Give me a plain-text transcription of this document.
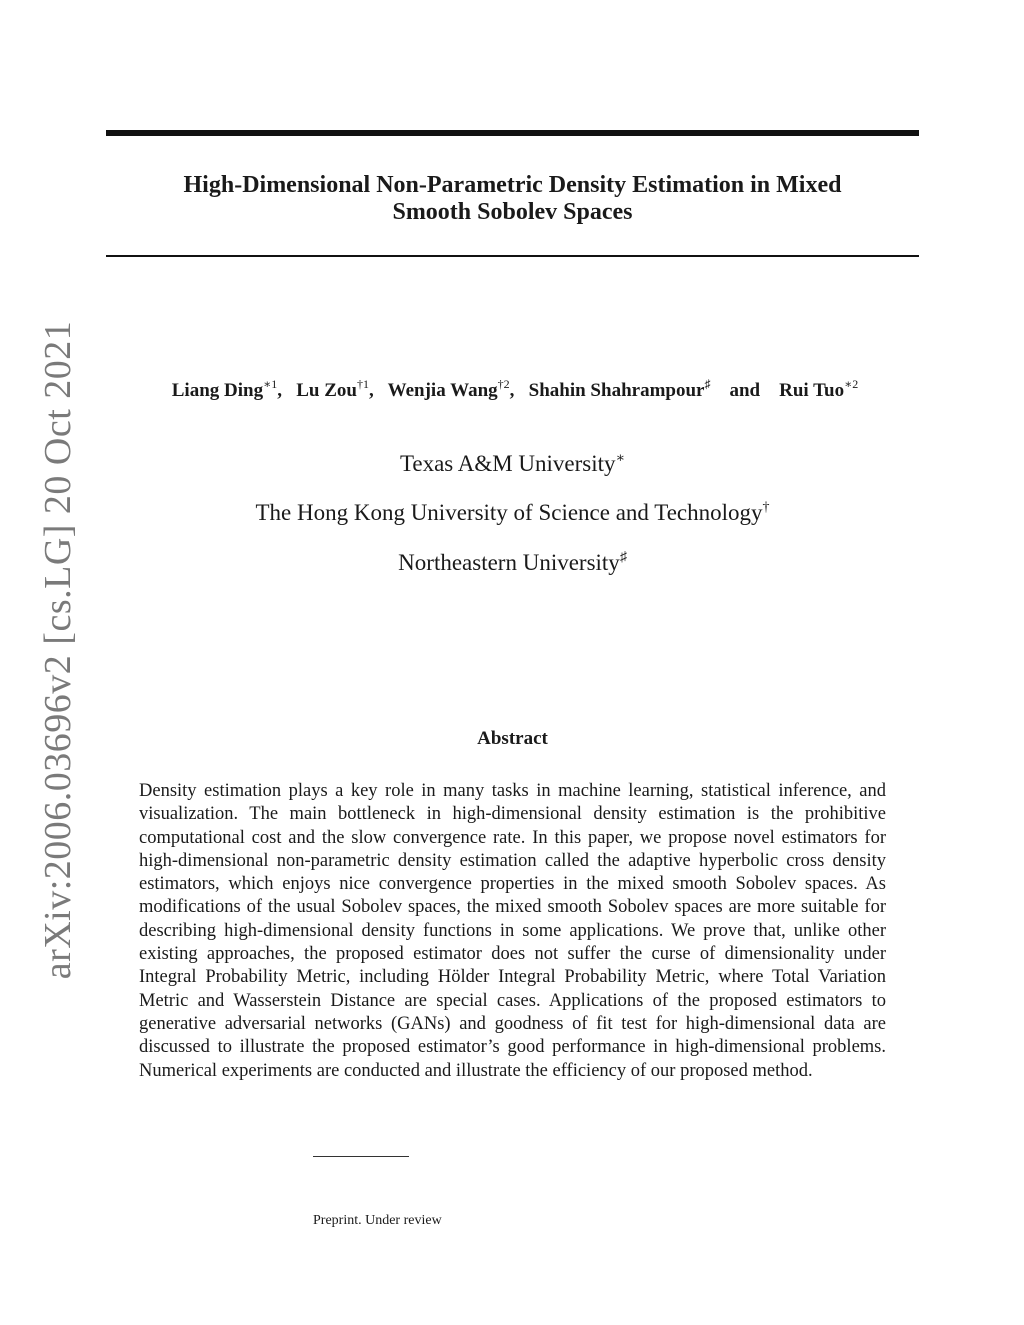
arXiv:2006.03696v2 [cs.LG] 20 Oct 2021
High-Dimensional Non-Parametric Density Estimation in Mixed
Smooth Sobolev Spaces
Liang Ding$^{∗1}$, Lu Zou$^{\dagger 1}$, Wenjia Wang$^{\dagger 2}$, Shahin Shahrampour♯ and Rui Tuo$^{∗2}$
Texas A&M University∗
The Hong Kong University of Science and Technology†
Northeastern University♯
Abstract

Density estimation plays a key role in many tasks in machine learning, statistical inference, and visualization. The main bottleneck in high-dimensional density estimation is the prohibitive computational cost and the slow convergence rate. In this paper, we propose novel estimators for high-dimensional non-parametric density estimation called the adaptive hyperbolic cross density estimators, which enjoys nice convergence properties in the mixed smooth Sobolev spaces. As modifications of the usual Sobolev spaces, the mixed smooth Sobolev spaces are more suitable for describing high-dimensional density functions in some applications. We prove that, unlike other existing approaches, the proposed estimator does not suffer the curse of dimensionality under Integral Probability Metric, including Hölder Integral Probability Metric, where Total Variation Metric and Wasserstein Distance are special cases. Applications of the proposed estimators to generative adversarial networks (GANs) and goodness of fit test for high-dimensional data are discussed to illustrate the proposed estimator’s good performance in high-dimensional problems. Numerical experiments are conducted and illustrate the efficiency of our proposed method.

Preprint. Under review
